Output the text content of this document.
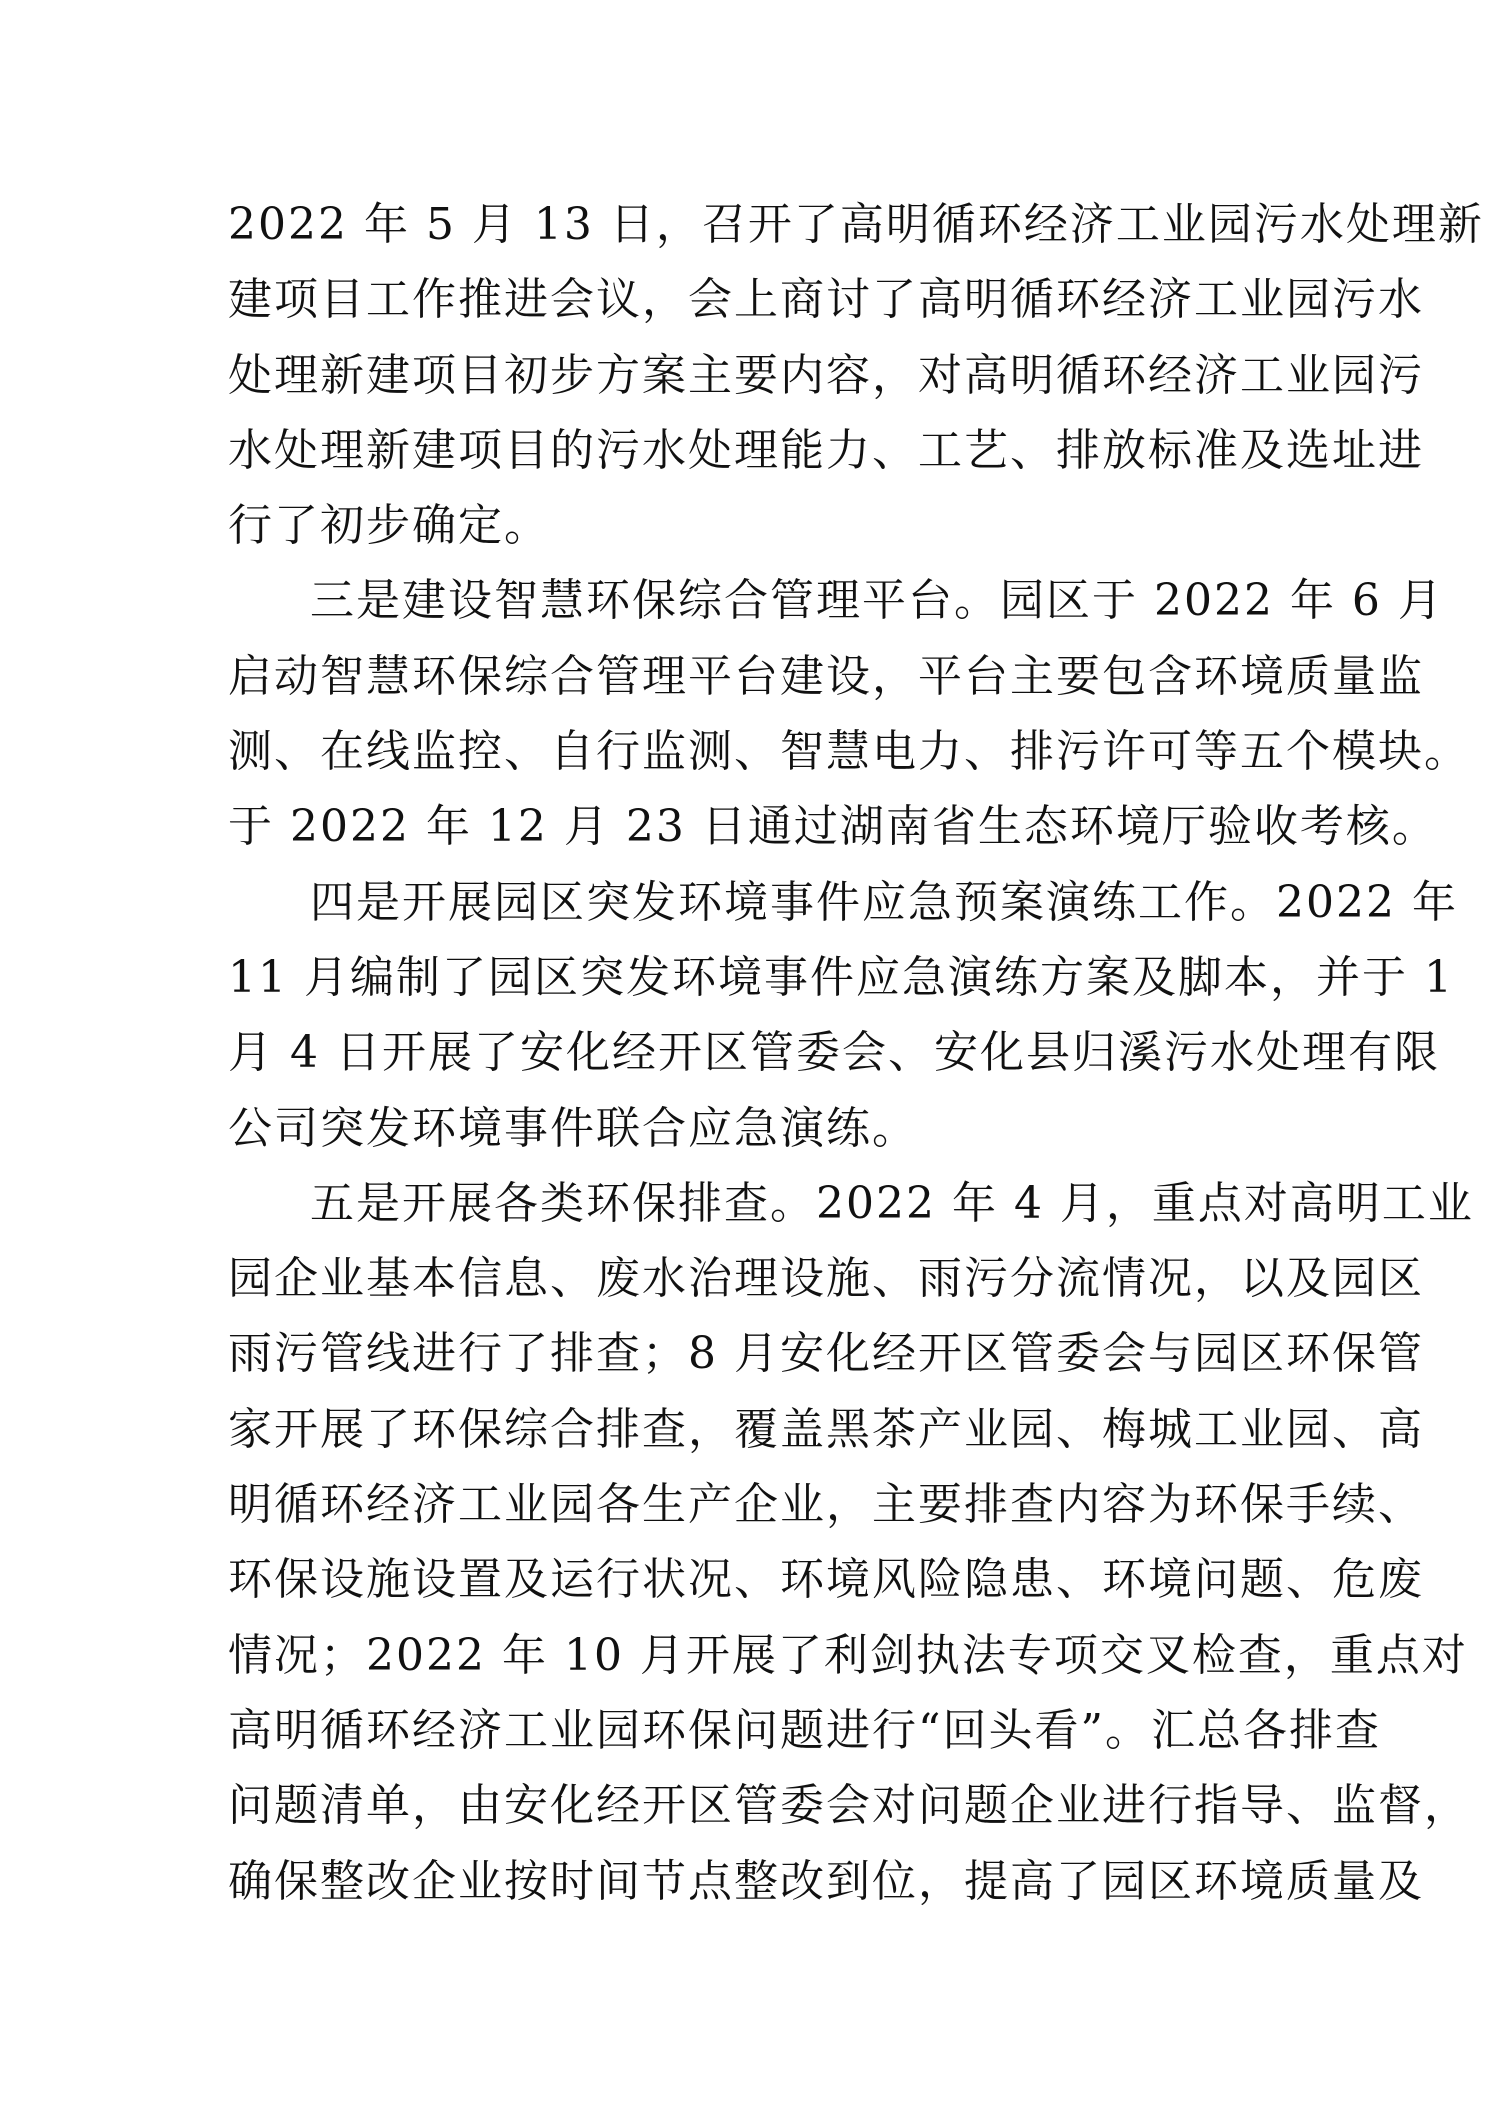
2022 年 5 月 13 日，召开了高明循环经济工业园污水处理新
建项目工作推进会议，会上商讨了高明循环经济工业园污水
处理新建项目初步方案主要内容，对高明循环经济工业园污
水处理新建项目的污水处理能力、工艺、排放标准及选址进
行了初步确定。
三是建设智慧环保综合管理平台。园区于 2022 年 6 月
启动智慧环保综合管理平台建设，平台主要包含环境质量监
测、在线监控、自行监测、智慧电力、排污许可等五个模块。
于 2022 年 12 月 23 日通过湖南省生态环境厅验收考核。
四是开展园区突发环境事件应急预案演练工作。2022 年
11 月编制了园区突发环境事件应急演练方案及脚本，并于 1
月 4 日开展了安化经开区管委会、安化县归溪污水处理有限
公司突发环境事件联合应急演练。
五是开展各类环保排查。2022 年 4 月，重点对高明工业
园企业基本信息、废水治理设施、雨污分流情况，以及园区
雨污管线进行了排查；8 月安化经开区管委会与园区环保管
家开展了环保综合排查，覆盖黑茶产业园、梅城工业园、高
明循环经济工业园各生产企业，主要排查内容为环保手续、
环保设施设置及运行状况、环境风险隐患、环境问题、危废
情况；2022 年 10 月开展了利剑执法专项交叉检查，重点对
高明循环经济工业园环保问题进行“回头看”。汇总各排查
问题清单，由安化经开区管委会对问题企业进行指导、监督，
确保整改企业按时间节点整改到位，提高了园区环境质量及
